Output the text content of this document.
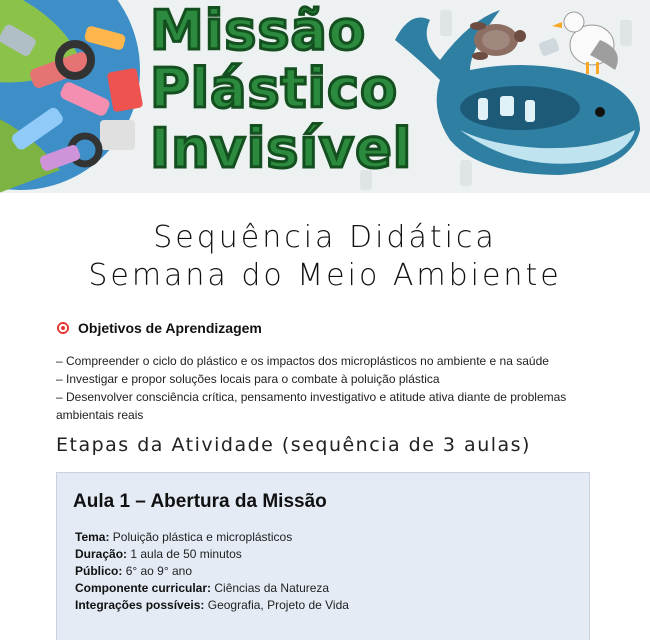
Missão
Plástico
Invisível
Sequência Didática
Semana do Meio Ambiente
Objetivos de Aprendizagem
– Compreender o ciclo do plástico e os impactos dos microplásticos no ambiente e na saúde
– Investigar e propor soluções locais para o combate à poluição plástica
– Desenvolver consciência crítica, pensamento investigativo e atitude ativa diante de problemas ambientais reais
Etapas da Atividade (sequência de 3 aulas)
Aula 1 – Abertura da Missão
Tema: Poluição plástica e microplásticos
Duração: 1 aula de 50 minutos
Público: 6° ao 9° ano
Componente curricular: Ciências da Natureza
Integrações possíveis: Geografia, Projeto de Vida
